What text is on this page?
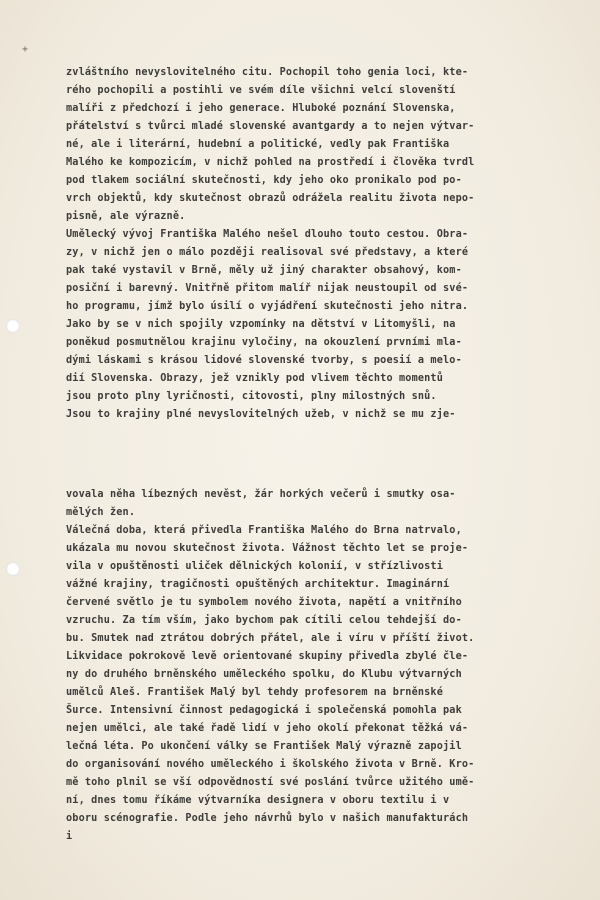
+
zvláštního nevyslovitelného citu. Pochopil toho genia loci, kte-
rého pochopili a postihli ve svém díle všichni velcí slovenští
malíři z předchozí i jeho generace. Hluboké poznání Slovenska,
přátelství s tvůrci mladé slovenské avantgardy a to nejen výtvar-
né, ale i literární, hudební a politické, vedly pak Františka
Malého ke kompozicím, v nichž pohled na prostředí i člověka tvrdl
pod tlakem sociální skutečnosti, kdy jeho oko pronikalo pod po-
vrch objektů, kdy skutečnost obrazů odrážela realitu života nepo-
pisně, ale výrazně.
Umělecký vývoj Františka Malého nešel dlouho touto cestou. Obra-
zy, v nichž jen o málo později realisoval své představy, a které
pak také vystavil v Brně, měly už jiný charakter obsahový, kom-
posiční i barevný. Vnitřně přitom malíř nijak neustoupil od své-
ho programu, jímž bylo úsilí o vyjádření skutečnosti jeho nitra.
Jako by se v nich spojily vzpomínky na dětství v Litomyšli, na
poněkud posmutnělou krajinu vyločiny, na okouzlení prvními mla-
dými láskami s krásou lidové slovenské tvorby, s poesií a melo-
dií Slovenska. Obrazy, jež vznikly pod vlivem těchto momentů
jsou proto plny lyričnosti, citovosti, plny milostných snů.
Jsou to krajiny plné nevyslovitelných užeb, v nichž se mu zje-
vovala něha líbezných nevěst, žár horkých večerů i smutky osa-
mělých žen.
Válečná doba, která přivedla Františka Malého do Brna natrvalo,
ukázala mu novou skutečnost života. Vážnost těchto let se proje-
vila v opuštěnosti uliček dělnických kolonií, v střízlivosti
vážné krajiny, tragičnosti opuštěných architektur. Imaginární
červené světlo je tu symbolem nového života, napětí a vnitřního
vzruchu. Za tím vším, jako bychom pak cítili celou tehdejší do-
bu. Smutek nad ztrátou dobrých přátel, ale i víru v příští život.
Likvidace pokrokově levě orientované skupiny přivedla zbylé čle-
ny do druhého brněnského uměleckého spolku, do Klubu výtvarných
umělců Aleš. František Malý byl tehdy profesorem na brněnské
Šurce. Intensivní činnost pedagogická i společenská pomohla pak
nejen umělci, ale také řadě lidí v jeho okolí překonat těžká vá-
lečná léta. Po ukončení války se František Malý výrazně zapojil
do organisování nového uměleckého i školského života v Brně. Kro-
mě toho plnil se vší odpovědností své poslání tvůrce užitého umě-
ní, dnes tomu říkáme výtvarníka designera v oboru textilu i v
oboru scénografie. Podle jeho návrhů bylo v našich manufakturách
i
